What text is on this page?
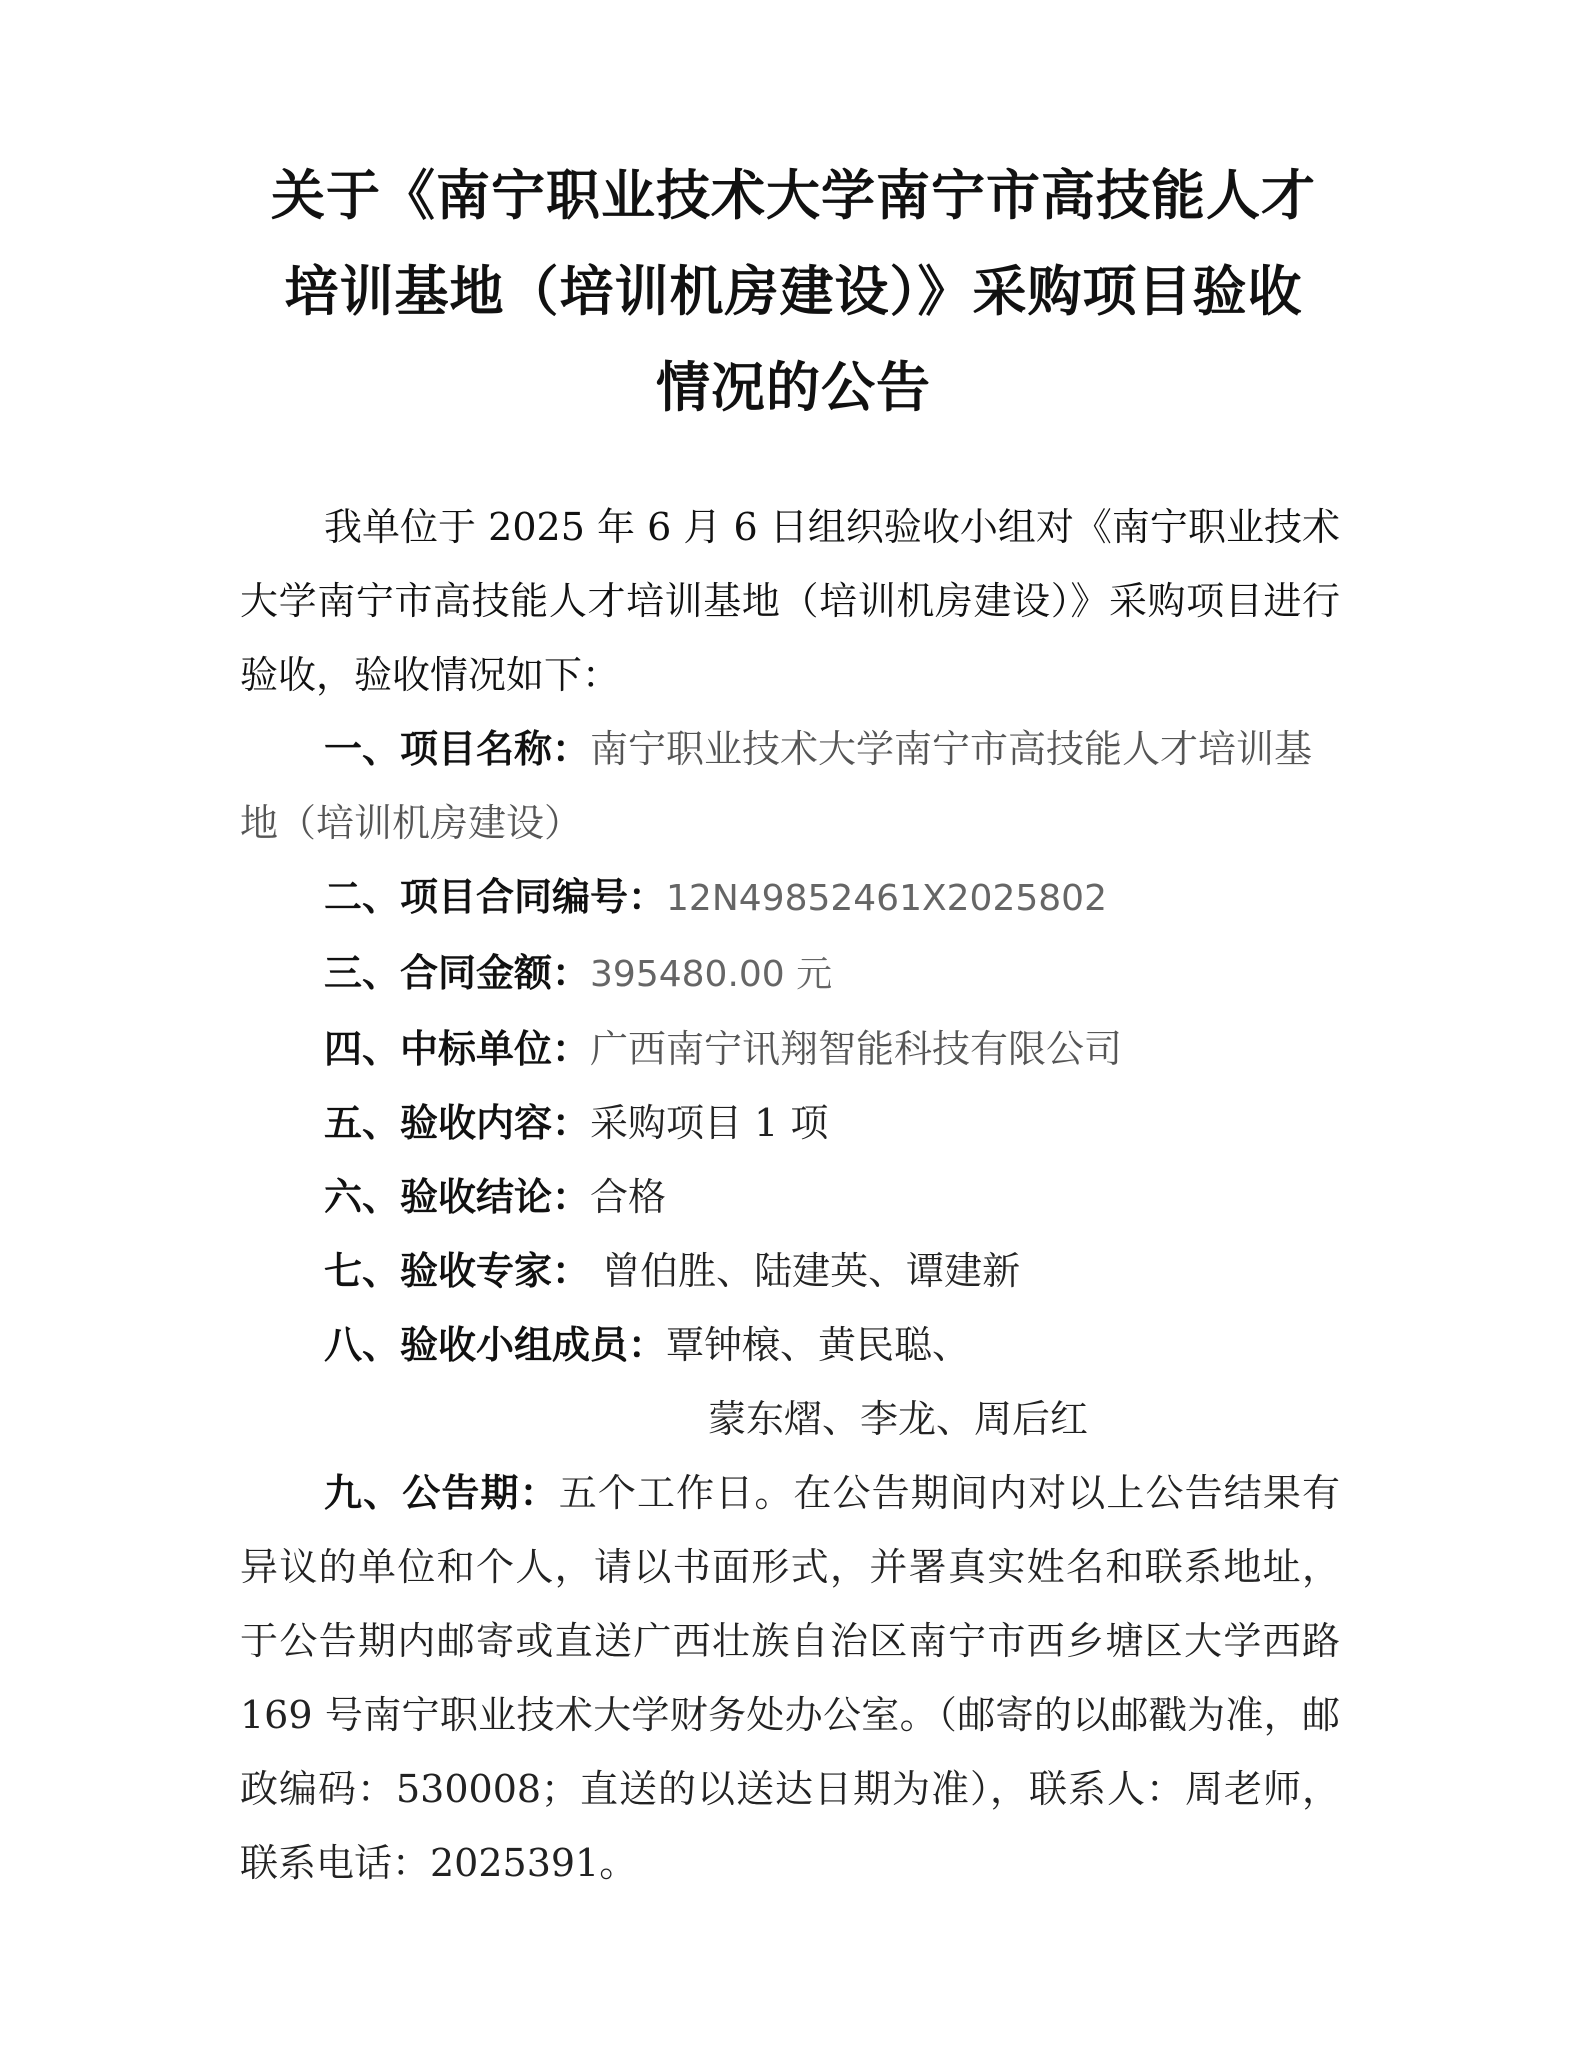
关于《南宁职业技术大学南宁市高技能人才
培训基地（培训机房建设）》采购项目验收
情况的公告

我单位于 2025 年 6 月 6 日组织验收小组对《南宁职业技术大学南宁市高技能人才培训基地（培训机房建设）》采购项目进行验收，验收情况如下：

一、项目名称：南宁职业技术大学南宁市高技能人才培训基地（培训机房建设）

二、项目合同编号：12N49852461X2025802

三、合同金额：395480.00 元

四、中标单位：广西南宁讯翔智能科技有限公司

五、验收内容：采购项目 1 项

六、验收结论：合格

七、验收专家： 曾伯胜、陆建英、谭建新

八、验收小组成员：覃钟榱、黄民聪、

蒙东熠、李龙、周后红

九、公告期：五个工作日。在公告期间内对以上公告结果有异议的单位和个人，请以书面形式，并署真实姓名和联系地址，于公告期内邮寄或直送广西壮族自治区南宁市西乡塘区大学西路 169 号南宁职业技术大学财务处办公室。（邮寄的以邮戳为准，邮政编码：530008；直送的以送达日期为准），联系人：周老师，联系电话：2025391。
